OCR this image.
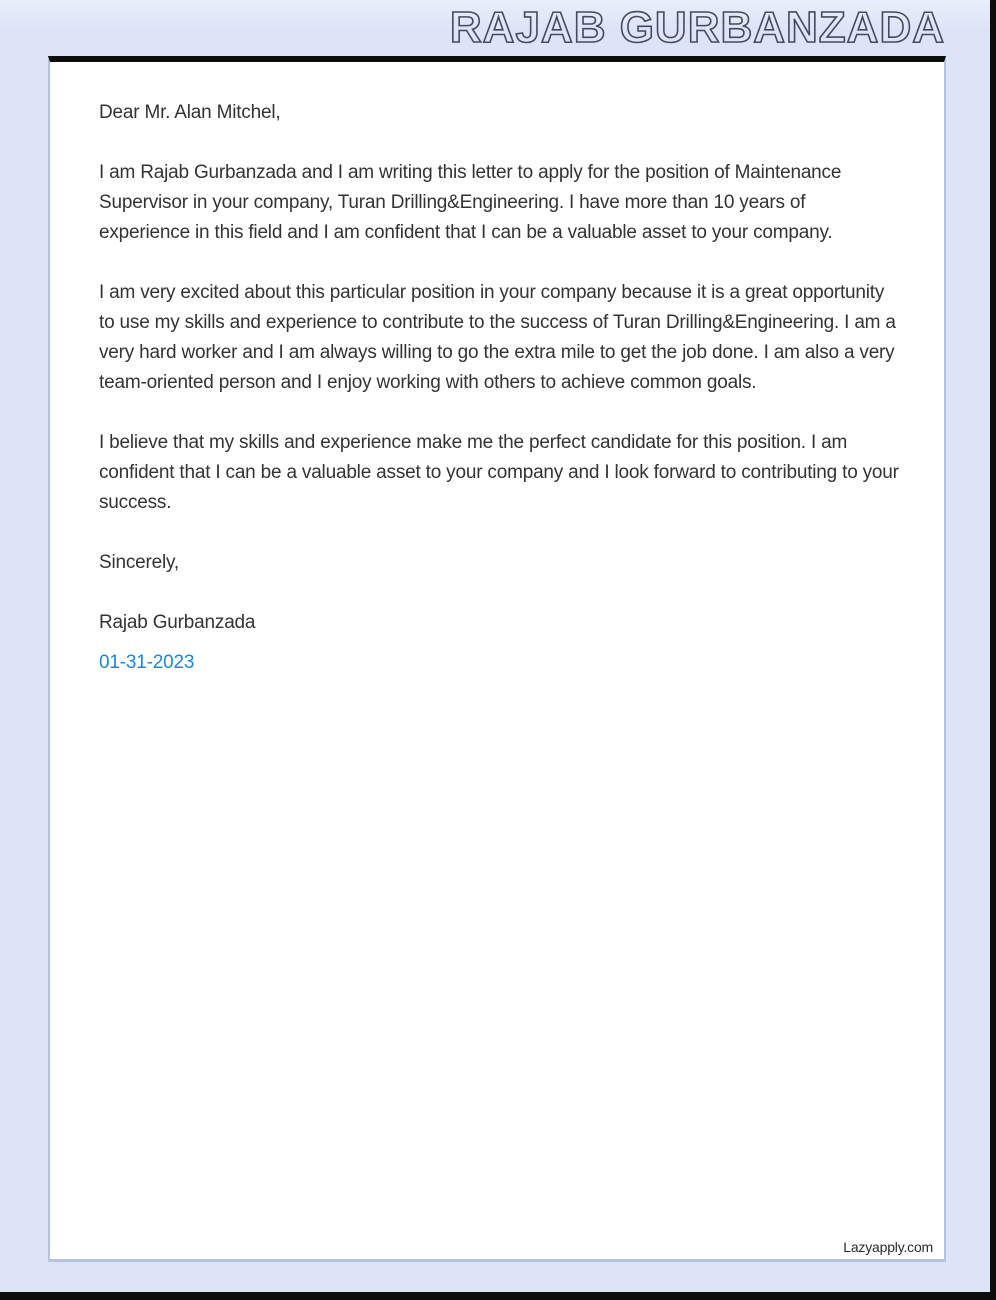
RAJAB GURBANZADA

Dear Mr. Alan Mitchel,

I am Rajab Gurbanzada and I am writing this letter to apply for the position of Maintenance Supervisor in your company, Turan Drilling&Engineering. I have more than 10 years of experience in this field and I am confident that I can be a valuable asset to your company.

I am very excited about this particular position in your company because it is a great opportunity to use my skills and experience to contribute to the success of Turan Drilling&Engineering. I am a very hard worker and I am always willing to go the extra mile to get the job done. I am also a very team-oriented person and I enjoy working with others to achieve common goals.

I believe that my skills and experience make me the perfect candidate for this position. I am confident that I can be a valuable asset to your company and I look forward to contributing to your success.

Sincerely,

Rajab Gurbanzada

01-31-2023

Lazyapply.com
